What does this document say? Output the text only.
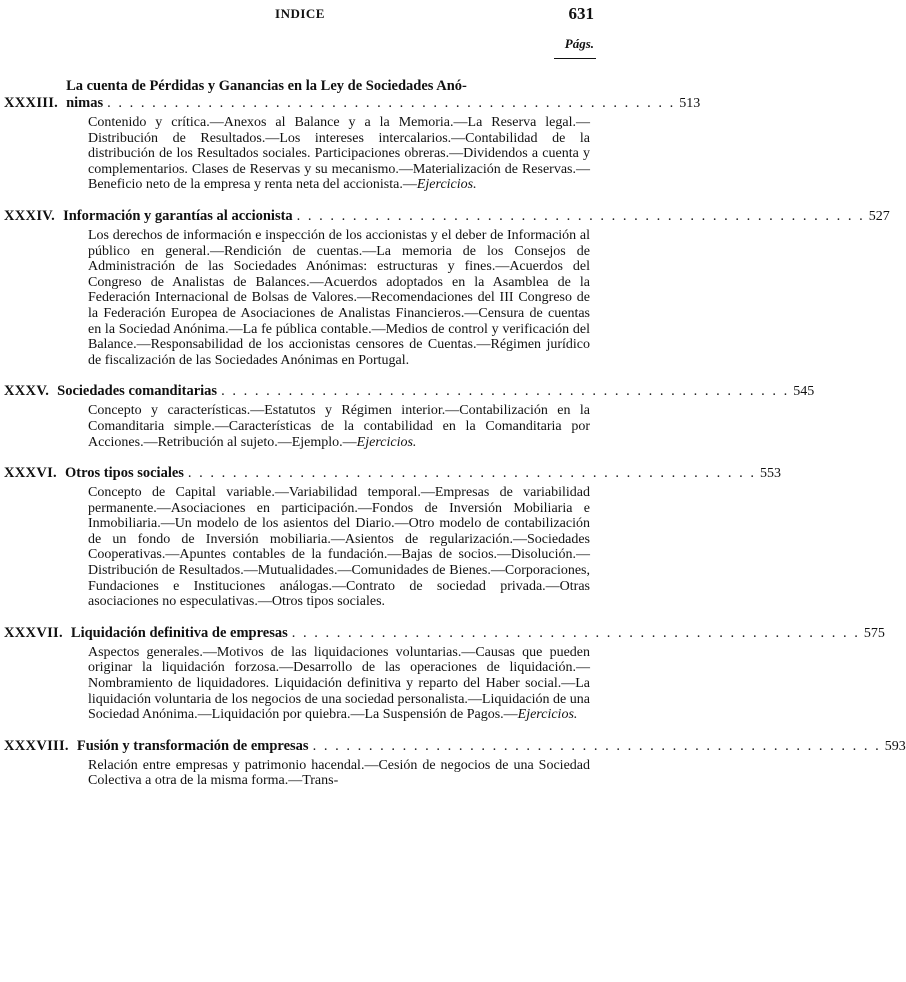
INDICE	631
Págs.
XXXIII.
La cuenta de Pérdidas y Ganancias en la Ley de Sociedades Anó-
nimas . . . . . . . . . . . . . . . . . . . . . . . . . . . . . . . . . . . . . . . . . . . . . . . . . . . 513
Contenido y crítica.—Anexos al Balance y a la Memoria.—La Reserva legal.—Distribución de Resultados.—Los intereses intercalarios.—Contabilidad de la distribución de los Resultados sociales. Participaciones obreras.—Dividendos a cuenta y complementarios. Clases de Reservas y su mecanismo.—Materialización de Reservas.—Beneficio neto de la empresa y renta neta del accionista.—Ejercicios.
XXXIV. Información y garantías al accionista . . . . . . . . . . . . . . . . . . . . . . . . . . . . . . . . . . . . . . . . . . . . . . . . . . . 527
Los derechos de información e inspección de los accionistas y el deber de Información al público en general.—Rendición de cuentas.—La memoria de los Consejos de Administración de las Sociedades Anónimas: estructuras y fines.—Acuerdos del Congreso de Analistas de Balances.—Acuerdos adoptados en la Asamblea de la Federación Internacional de Bolsas de Valores.—Recomendaciones del III Congreso de la Federación Europea de Asociaciones de Analistas Financieros.—Censura de cuentas en la Sociedad Anónima.—La fe pública contable.—Medios de control y verificación del Balance.—Responsabilidad de los accionistas censores de Cuentas.—Régimen jurídico de fiscalización de las Sociedades Anónimas en Portugal.
XXXV. Sociedades comanditarias . . . . . . . . . . . . . . . . . . . . . . . . . . . . . . . . . . . . . . . . . . . . . . . . . . . 545
Concepto y características.—Estatutos y Régimen interior.—Contabilización en la Comanditaria simple.—Características de la contabilidad en la Comanditaria por Acciones.—Retribución al sujeto.—Ejemplo.—Ejercicios.
XXXVI. Otros tipos sociales . . . . . . . . . . . . . . . . . . . . . . . . . . . . . . . . . . . . . . . . . . . . . . . . . . . 553
Concepto de Capital variable.—Variabilidad temporal.—Empresas de variabilidad permanente.—Asociaciones en participación.—Fondos de Inversión Mobiliaria e Inmobiliaria.—Un modelo de los asientos del Diario.—Otro modelo de contabilización de un fondo de Inversión mobiliaria.—Asientos de regularización.—Sociedades Cooperativas.—Apuntes contables de la fundación.—Bajas de socios.—Disolución.—Distribución de Resultados.—Mutualidades.—Comunidades de Bienes.—Corporaciones, Fundaciones e Instituciones análogas.—Contrato de sociedad privada.—Otras asociaciones no especulativas.—Otros tipos sociales.
XXXVII. Liquidación definitiva de empresas . . . . . . . . . . . . . . . . . . . . . . . . . . . . . . . . . . . . . . . . . . . . . . . . . . . 575
Aspectos generales.—Motivos de las liquidaciones voluntarias.—Causas que pueden originar la liquidación forzosa.—Desarrollo de las operaciones de liquidación.—Nombramiento de liquidadores. Liquidación definitiva y reparto del Haber social.—La liquidación voluntaria de los negocios de una sociedad personalista.—Liquidación de una Sociedad Anónima.—Liquidación por quiebra.—La Suspensión de Pagos.—Ejercicios.
XXXVIII. Fusión y transformación de empresas . . . . . . . . . . . . . . . . . . . . . . . . . . . . . . . . . . . . . . . . . . . . . . . . . . . 593
Relación entre empresas y patrimonio hacendal.—Cesión de negocios de una Sociedad Colectiva a otra de la misma forma.—Trans-
